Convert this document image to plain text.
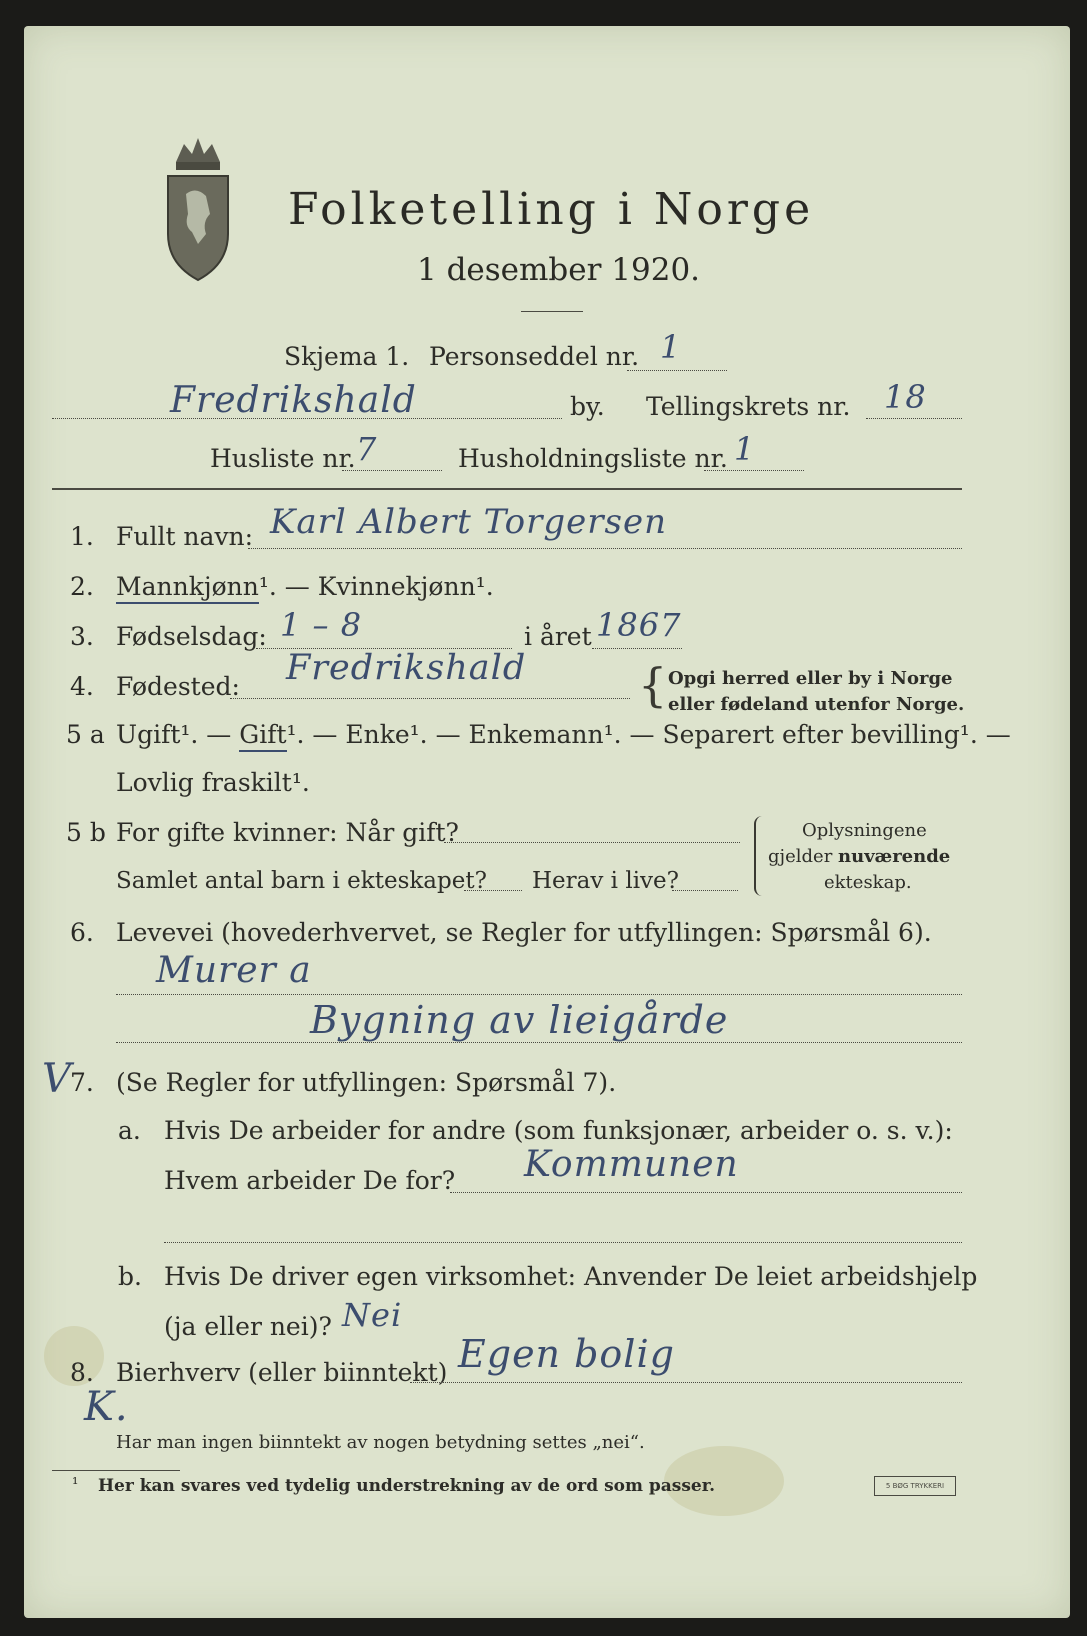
Folketelling i Norge
1 desember 1920.
Skjema 1. Personseddel nr. 1
Fredrikshald	by. Tellingskrets nr. 18
Husliste nr. 7	Husholdningsliste nr. 1
1. Fullt navn: Karl Albert Torgersen
2. Mannkjønn¹. — Kvinnekjønn¹.
3. Fødselsdag: 1 – 8	i året 1867
4. Fødested: Fredrikshald { Opgi herred eller by i Norge
eller fødeland utenfor Norge.
5 a Ugift¹. — Gift¹. — Enke¹. — Enkemann¹. — Separert efter bevilling¹. —
Lovlig fraskilt¹.
5 b For gifte kvinner: Når gift?
Samlet antal barn i ekteskapet? Herav i live?
Oplysningene
gjelder nuværende
ekteskap.
6. Levevei (hovederhvervet, se Regler for utfyllingen: Spørsmål 6).
Murer a
Bygning av lieigårde
V
7. (Se Regler for utfyllingen: Spørsmål 7).
a. Hvis De arbeider for andre (som funksjonær, arbeider o. s. v.):
Hvem arbeider De for? Kommunen
b. Hvis De driver egen virksomhet: Anvender De leiet arbeidshjelp
(ja eller nei)? Nei
8. Bierhverv (eller biinntekt) Egen bolig
K.
Har man ingen biinntekt av nogen betydning settes „nei“.
¹ Her kan svares ved tydelig understrekning av de ord som passer.	5 BØG TRYKKERI
